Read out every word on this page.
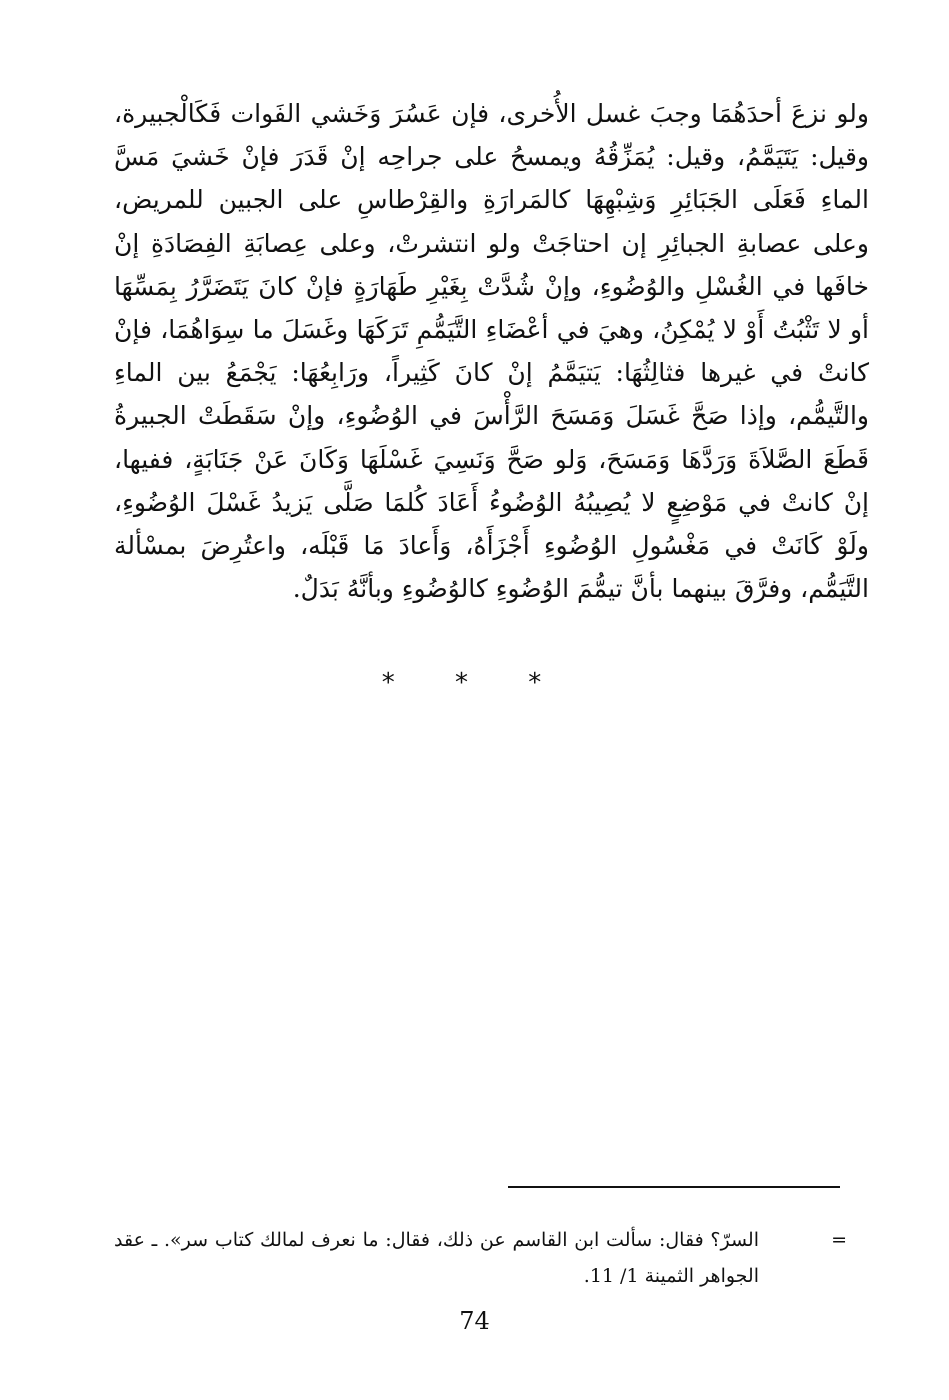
ولو نزعَ أحدَهُمَا وجبَ غسل الأُخرى، فإن عَسُرَ وَخَشي الفَوات فَكَالْجبيرة، وقيل: يَتَيَمَّمُ، وقيل: يُمَزِّقُهُ ويمسحُ على جراحِه إنْ قَدَرَ فإنْ خَشيَ مَسَّ الماءِ فَعَلَى الجَبَائِرِ وَشِبْهِهَا كالمَرارَةِ والقِرْطاسِ على الجبين للمريض، وعلى عصابةِ الجبائِرِ إن احتاجَتْ ولو انتشرتْ، وعلى عِصابَةِ الفِصَادَةِ إنْ خافَها في الغُسْلِ والوُضُوءِ، وإنْ شُدَّتْ بِغَيْرِ طَهَارَةٍ فإنْ كانَ يَتَضَرَّرُ بِمَسِّهَا أو لا تَثْبُتُ أَوْ لا يُمْكِنُ، وهيَ في أعْضَاءِ التَّيَمُّمِ تَرَكَهَا وغَسَلَ ما سِوَاهُمَا، فإنْ كانتْ في غيرها فثالِثُهَا: يَتيَمَّمُ إنْ كانَ كَثِيراً، ورَابِعُهَا: يَجْمَعُ بين الماءِ والتَّيمُّم، وإذا صَحَّ غَسَلَ وَمَسَحَ الرَّأْسَ في الوُضُوءِ، وإنْ سَقَطَتْ الجبيرةُ قَطَعَ الصَّلاَةَ وَرَدَّهَا وَمَسَحَ، وَلو صَحَّ وَنَسِيَ غَسْلَهَا وَكَانَ عَنْ جَنَابَةٍ، ففيها، إنْ كانتْ في مَوْضِعٍ لا يُصِيبُهُ الوُضُوءُ أَعَادَ كُلمَا صَلَّى يَزيدُ غَسْلَ الوُضُوءِ، ولَوْ كَانَتْ في مَغْسُولِ الوُضُوءِ أَجْزَأَهُ، وَأَعادَ مَا قَبْلَه، واعتُرِضَ بمسْألة التَّيَمُّم، وفرَّقَ بينهما بأنَّ تيمُّمَ الوُضُوءِ كالوُضُوءِ وبأنَّهُ بَدَلٌ.

* * *

السرّ؟ فقال: سألت ابن القاسم عن ذلك، فقال: ما نعرف لمالك كتاب سر». ـ عقد الجواهر الثمينة 1/ 11.
=

74
